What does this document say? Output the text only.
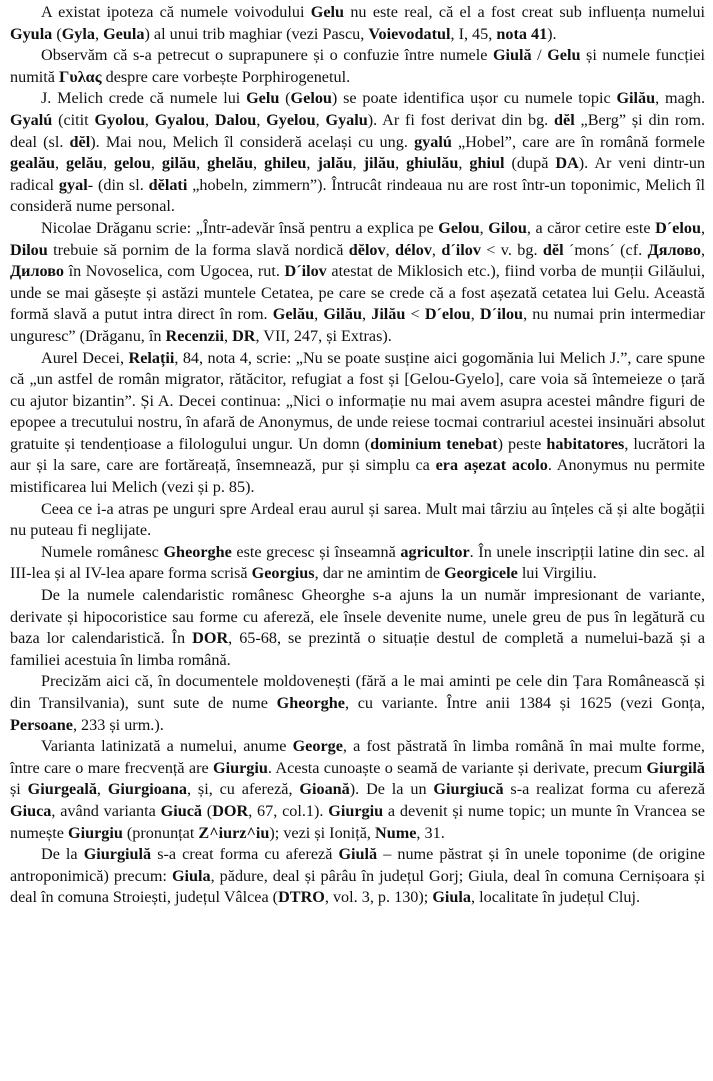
A existat ipoteza că numele voivodului Gelu nu este real, că el a fost creat sub influența numelui Gyula (Gyla, Geula) al unui trib maghiar (vezi Pascu, Voievodatul, I, 45, nota 41).

Observăm că s-a petrecut o suprapunere și o confuzie între numele Giulă / Gelu și numele funcției numită Γυλας despre care vorbește Porphirogenetul.

J. Melich crede că numele lui Gelu (Gelou) se poate identifica ușor cu numele topic Gilău, magh. Gyalú (citit Gyolou, Gyalou, Dalou, Gyelou, Gyalu). Ar fi fost derivat din bg. dĕl „Berg” și din rom. deal (sl. dĕl). Mai nou, Melich îl consideră același cu ung. gyalú „Hobel”, care are în română formele gealău, gelău, gelou, gilău, ghelău, ghileu, jalău, jilău, ghiulău, ghiul (după DA). Ar veni dintr-un radical gyal- (din sl. dĕlati „hobeln, zimmern”). Întrucât rindeaua nu are rost într-un toponimic, Melich îl consideră nume personal.

Nicolae Drăganu scrie: „Într-adevăr însă pentru a explica pe Gelou, Gilou, a căror cetire este D´elou, Dilou trebuie să pornim de la forma slavă nordică dĕlov, délov, d´ilov < v. bg. dĕl ´mons´ (cf. Дялово, Дилово în Novoselica, com Ugocea, rut. D´ilov atestat de Miklosich etc.), fiind vorba de munții Gilăului, unde se mai găsește și astăzi muntele Cetatea, pe care se crede că a fost așezată cetatea lui Gelu. Această formă slavă a putut intra direct în rom. Gelău, Gilău, Jilău < D´elou, D´ilou, nu numai prin intermediar unguresc” (Drăganu, în Recenzii, DR, VII, 247, și Extras).

Aurel Decei, Relații, 84, nota 4, scrie: „Nu se poate susține aici gogomănia lui Melich J.”, care spune că „un astfel de român migrator, rătăcitor, refugiat a fost și [Gelou-Gyelo], care voia să întemeieze o țară cu ajutor bizantin”. Și A. Decei continua: „Nici o informație nu mai avem asupra acestei mândre figuri de epopee a trecutului nostru, în afară de Anonymus, de unde reiese tocmai contrariul acestei insinuări absolut gratuite și tendențioase a filologului ungur. Un domn (dominium tenebat) peste habitatores, lucrători la aur și la sare, care are fortăreață, însemnează, pur și simplu ca era așezat acolo. Anonymus nu permite mistificarea lui Melich (vezi și p. 85).

Ceea ce i-a atras pe unguri spre Ardeal erau aurul și sarea. Mult mai târziu au înțeles că și alte bogății nu puteau fi neglijate.

Numele românesc Gheorghe este grecesc și înseamnă agricultor. În unele inscripții latine din sec. al III-lea și al IV-lea apare forma scrisă Georgius, dar ne amintim de Georgicele lui Virgiliu.

De la numele calendaristic românesc Gheorghe s-a ajuns la un număr impresionant de variante, derivate și hipocoristice sau forme cu afereză, ele însele devenite nume, unele greu de pus în legătură cu baza lor calendaristică. În DOR, 65-68, se prezintă o situație destul de completă a numelui-bază și a familiei acestuia în limba română.

Precizăm aici că, în documentele moldovenești (fără a le mai aminti pe cele din Țara Românească și din Transilvania), sunt sute de nume Gheorghe, cu variante. Între anii 1384 și 1625 (vezi Gonța, Persoane, 233 și urm.).

Varianta latinizată a numelui, anume George, a fost păstrată în limba română în mai multe forme, între care o mare frecvență are Giurgiu. Acesta cunoaște o seamă de variante și derivate, precum Giurgilă și Giurgeală, Giurgioana, și, cu afereză, Gioană). De la un Giurgiucă s-a realizat forma cu afereză Giuca, având varianta Giucă (DOR, 67, col.1). Giurgiu a devenit și nume topic; un munte în Vrancea se numește Giurgiu (pronunțat Z^iurz^iu); vezi și Ioniță, Nume, 31.

De la Giurgiulă s-a creat forma cu afereză Giulă – nume păstrat și în unele toponime (de origine antroponimică) precum: Giula, pădure, deal și pârâu în județul Gorj; Giula, deal în comuna Cernișoara și deal în comuna Stroiești, județul Vâlcea (DTRO, vol. 3, p. 130); Giula, localitate în județul Cluj.
